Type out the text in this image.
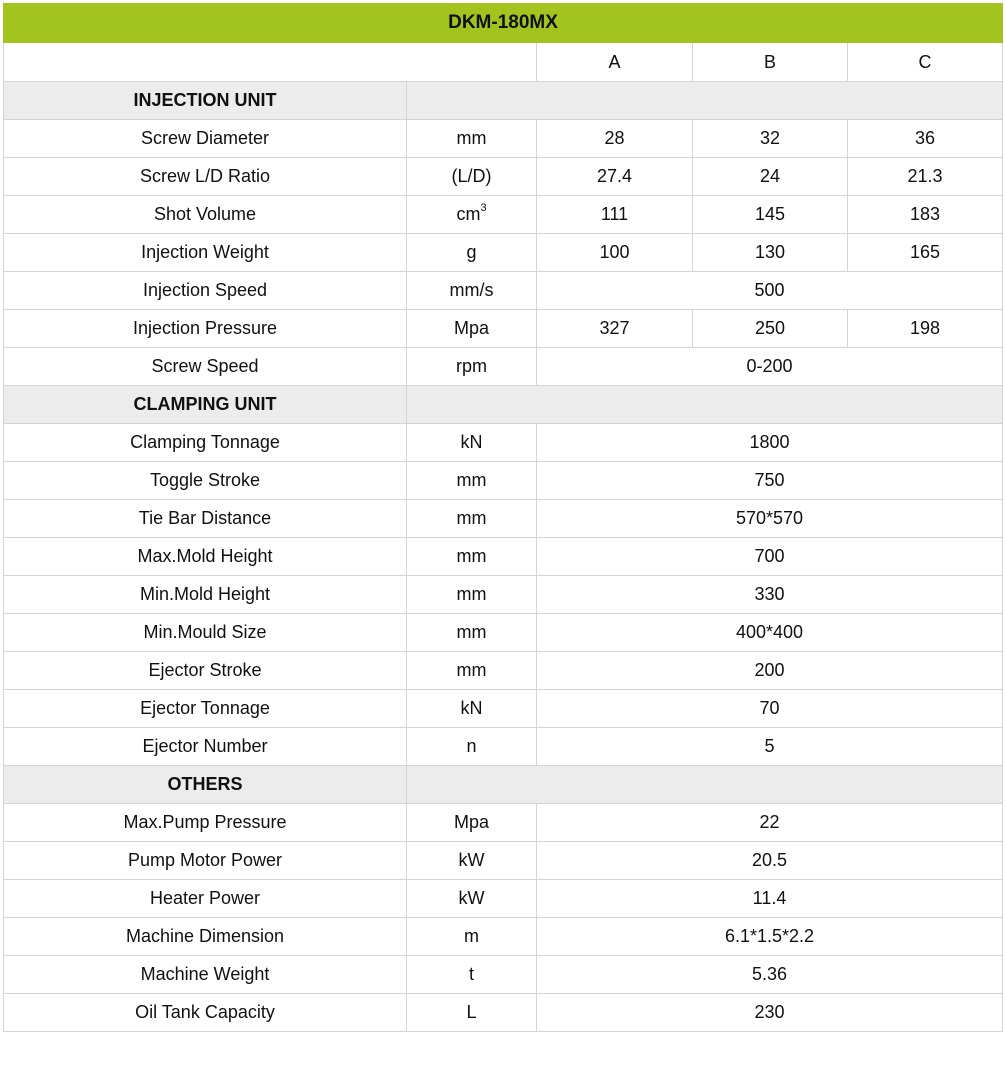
DKM-180MX				
		A	B	C
INJECTION UNIT				
Screw Diameter	mm	28	32	36
Screw L/D Ratio	(L/D)	27.4	24	21.3
Shot Volume	$cm^3$	111	145	183
Injection Weight	g	100	130	165
Injection Speed	mm/s	500		
Injection Pressure	Mpa	327	250	198
Screw Speed	rpm	0-200		
CLAMPING UNIT				
Clamping Tonnage	kN	1800		
Toggle Stroke	mm	750		
Tie Bar Distance	mm	570*570		
Max.Mold Height	mm	700		
Min.Mold Height	mm	330		
Min.Mould Size	mm	400*400		
Ejector Stroke	mm	200		
Ejector Tonnage	kN	70		
Ejector Number	n	5		
OTHERS				
Max.Pump Pressure	Mpa	22		
Pump Motor Power	kW	20.5		
Heater Power	kW	11.4		
Machine Dimension	m	6.1*1.5*2.2		
Machine Weight	t	5.36		
Oil Tank Capacity	L	230		
